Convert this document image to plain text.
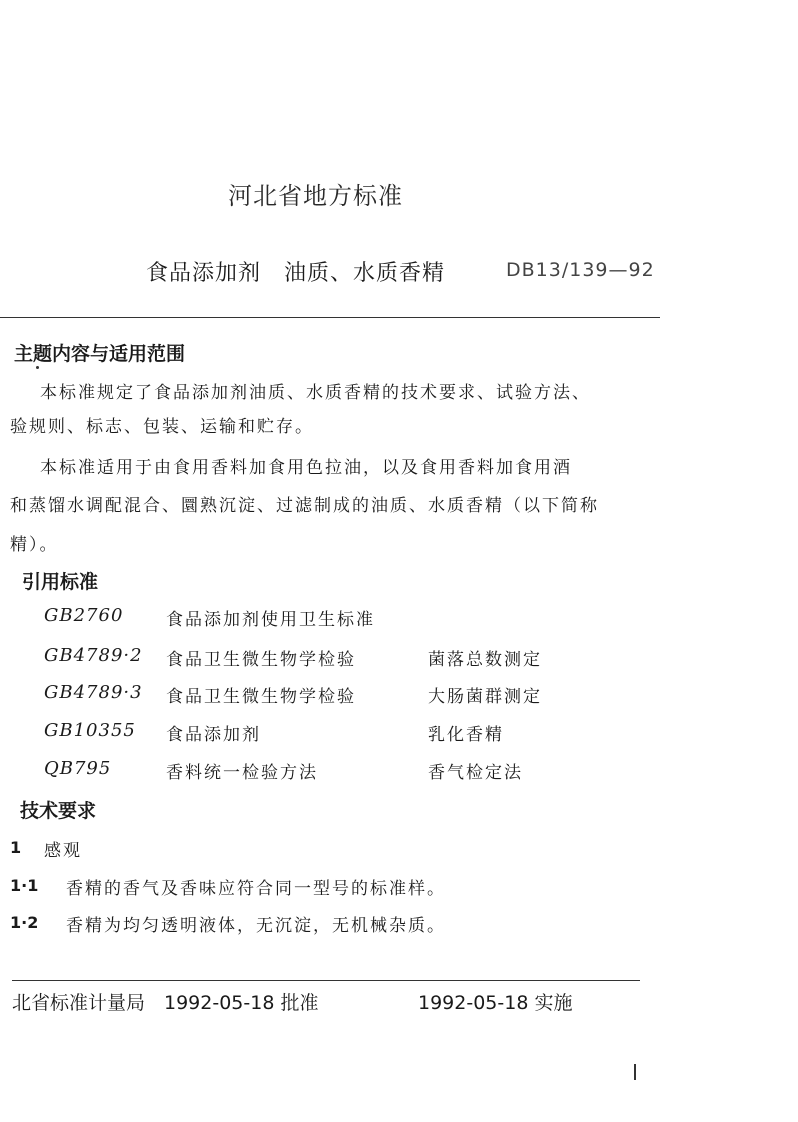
河北省地方标准
食品添加剂　油质、水质香精	DB13/139—92
主题内容与适用范围
本标准规定了食品添加剂油质、水质香精的技术要求、试验方法、
验规则、标志、包装、运输和贮存。
本标准适用于由食用香料加食用色拉油，以及食用香料加食用酒
和蒸馏水调配混合、圜熟沉淀、过滤制成的油质、水质香精（以下简称
精）。
引用标准
GB2760	食品添加剂使用卫生标准
GB4789·2 食品卫生微生物学检验	菌落总数测定
GB4789·3 食品卫生微生物学检验	大肠菌群测定
GB10355 食品添加剂	乳化香精
QB795	香料统一检验方法	香气检定法
技术要求
1 感观
1·1 香精的香气及香味应符合同一型号的标准样。
1·2 香精为均匀透明液体，无沉淀，无机械杂质。
北省标准计量局　1992-05-18 批准	1992-05-18 实施
